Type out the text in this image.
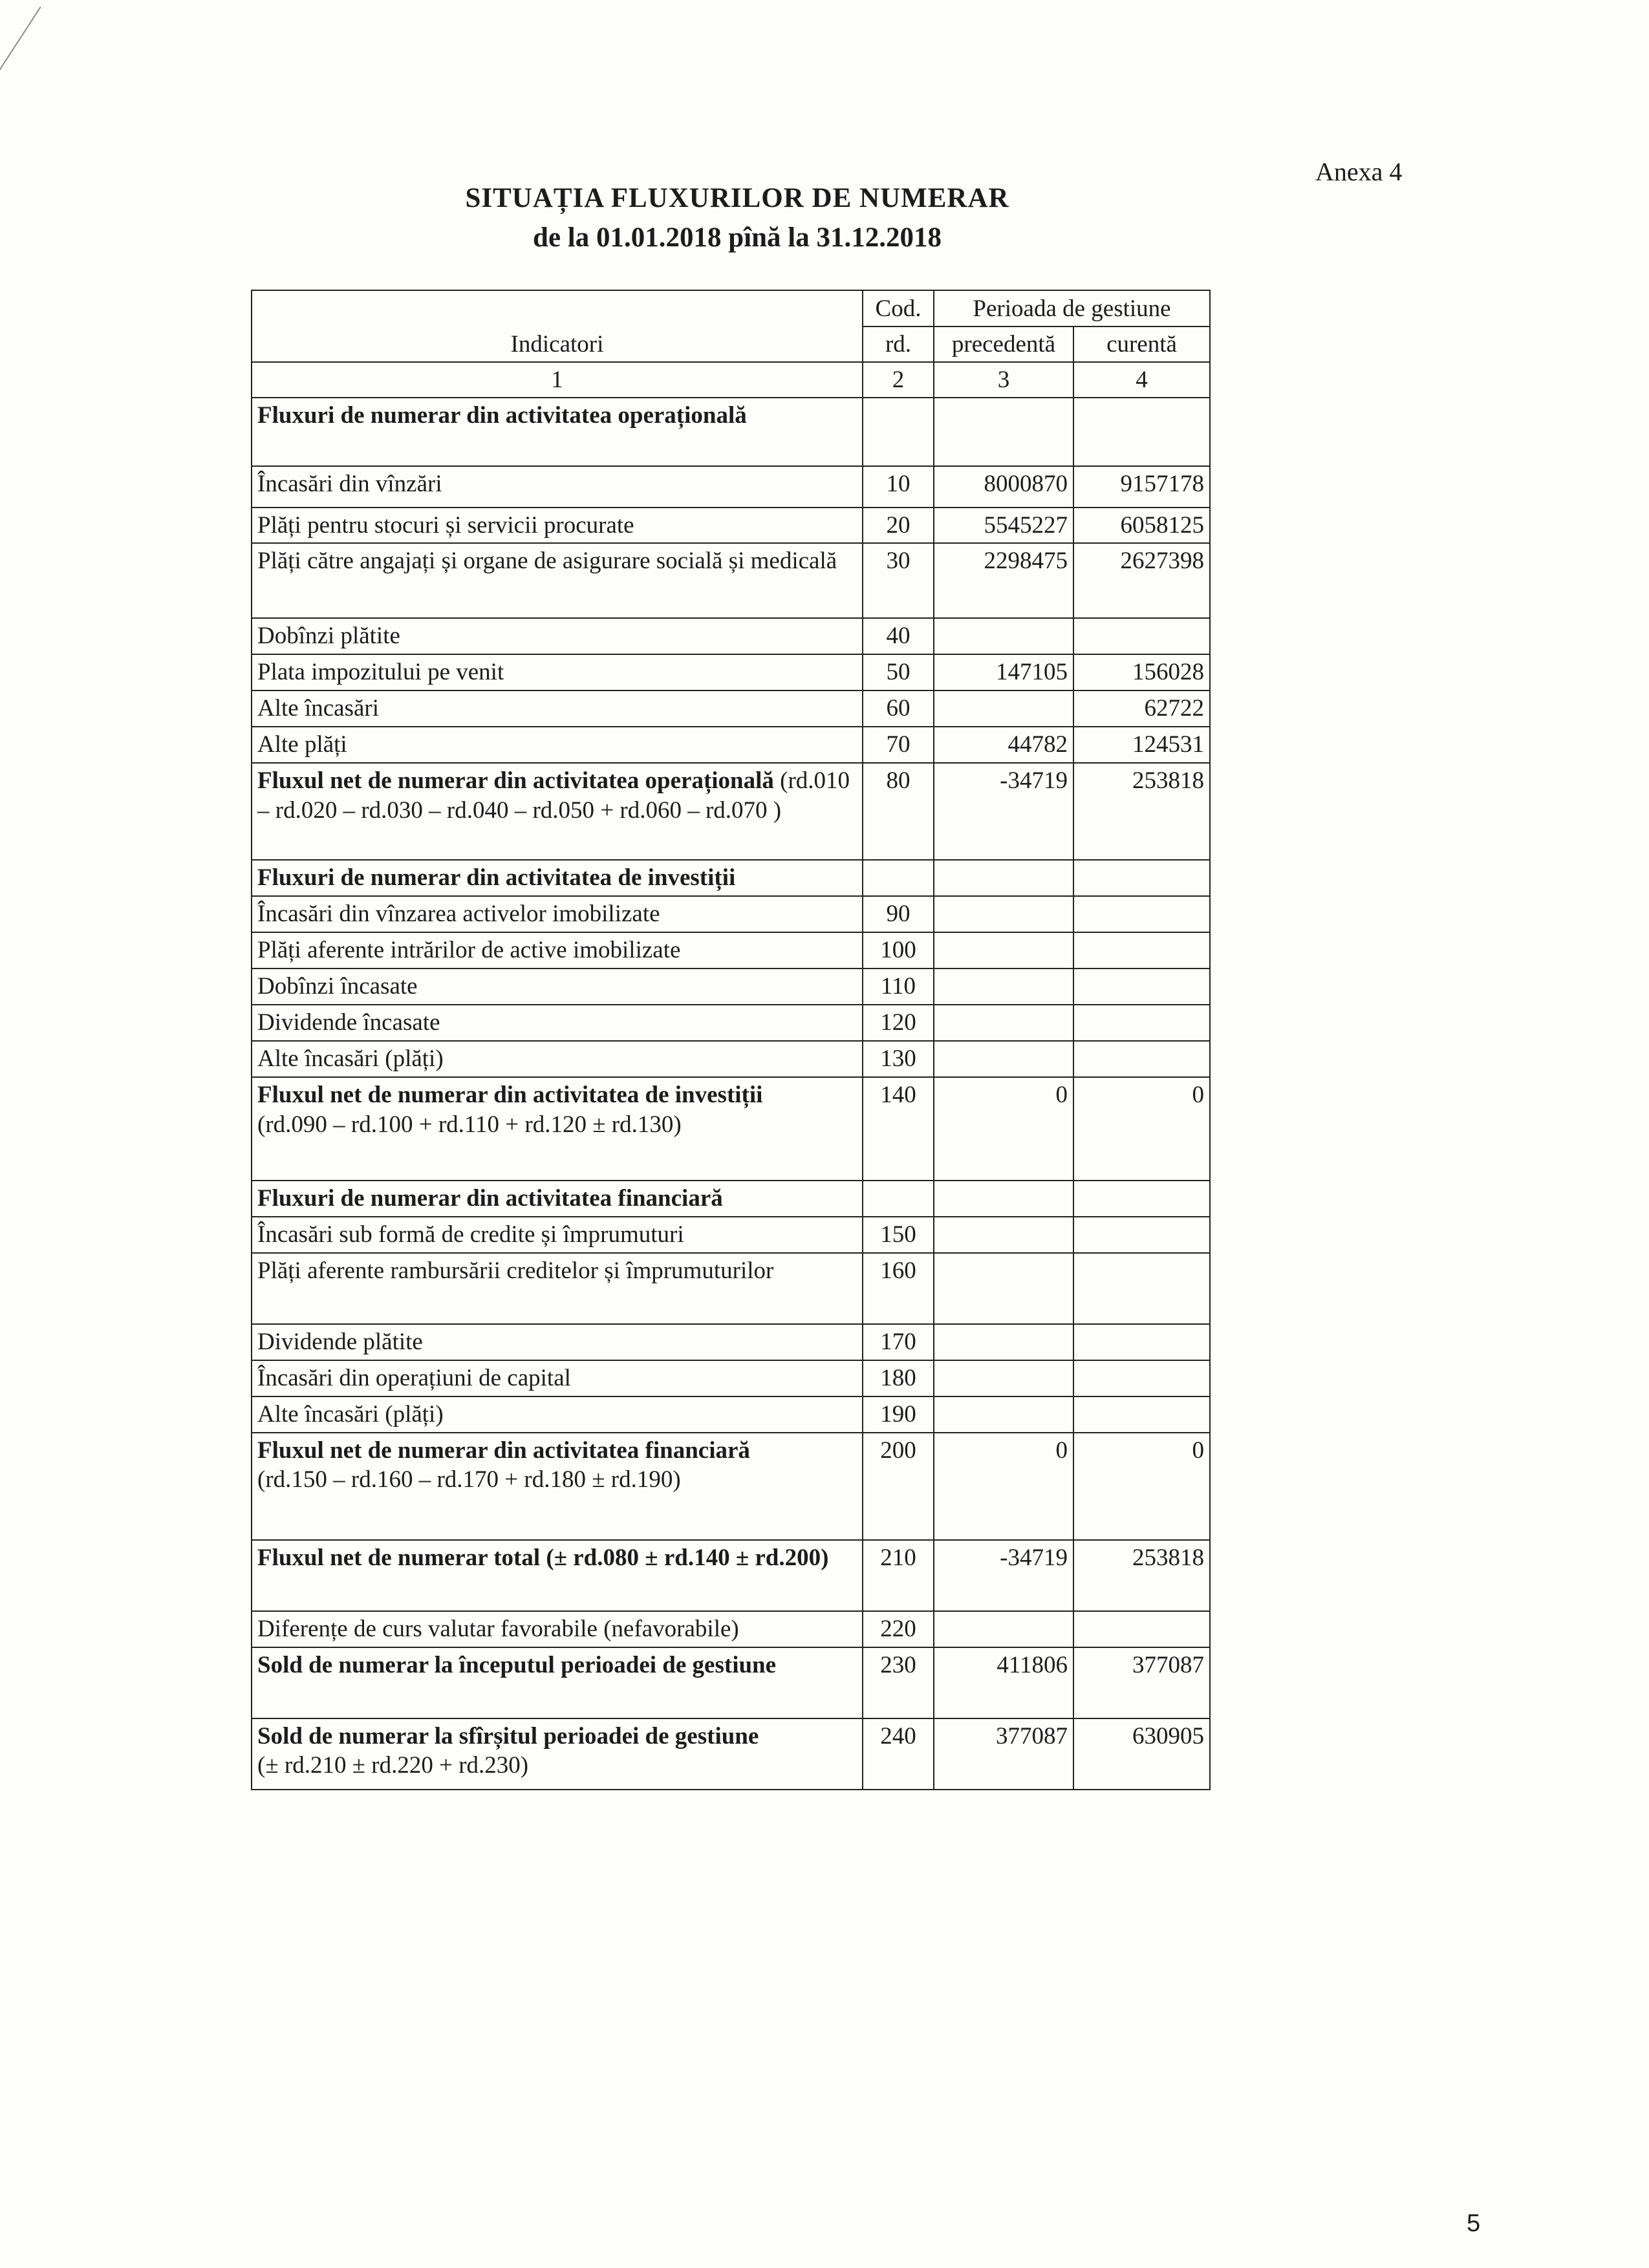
Anexa 4
SITUAȚIA FLUXURILOR DE NUMERAR
de la 01.01.2018 pînă la 31.12.2018
Indicatori	Cod.	Perioada de gestiune	
	rd.	precedentă	curentă
1	2	3	4
Fluxuri de numerar din activitatea operațională			
Încasări din vînzări	10	8000870	9157178
Plăți pentru stocuri și servicii procurate	20	5545227	6058125
Plăți către angajați și organe de asigurare socială și medicală	30	2298475	2627398
Dobînzi plătite	40		
Plata impozitului pe venit	50	147105	156028
Alte încasări	60		62722
Alte plăți	70	44782	124531
Fluxul net de numerar din activitatea operațională (rd.010 – rd.020 – rd.030 – rd.040 – rd.050 + rd.060 – rd.070 )	80	-34719	253818
Fluxuri de numerar din activitatea de investiții			
Încasări din vînzarea activelor imobilizate	90		
Plăți aferente intrărilor de active imobilizate	100		
Dobînzi încasate	110		
Dividende încasate	120		
Alte încasări (plăți)	130		

Fluxul net de numerar din activitatea de investiții
(rd.090 – rd.100 + rd.110 + rd.120 ± rd.130)	140	0	0
Fluxuri de numerar din activitatea financiară			
Încasări sub formă de credite și împrumuturi	150		
Plăți aferente rambursării creditelor și împrumuturilor	160		
Dividende plătite	170		
Încasări din operațiuni de capital	180		
Alte încasări (plăți)	190		

Fluxul net de numerar din activitatea financiară
(rd.150 – rd.160 – rd.170 + rd.180 ± rd.190)	200	0	0
Fluxul net de numerar total (± rd.080 ± rd.140 ± rd.200)	210	-34719	253818
Diferențe de curs valutar favorabile (nefavorabile)	220		
Sold de numerar la începutul perioadei de gestiune	230	411806	377087

Sold de numerar la sfîrșitul perioadei de gestiune
(± rd.210 ± rd.220 + rd.230)	240	377087	630905
5
